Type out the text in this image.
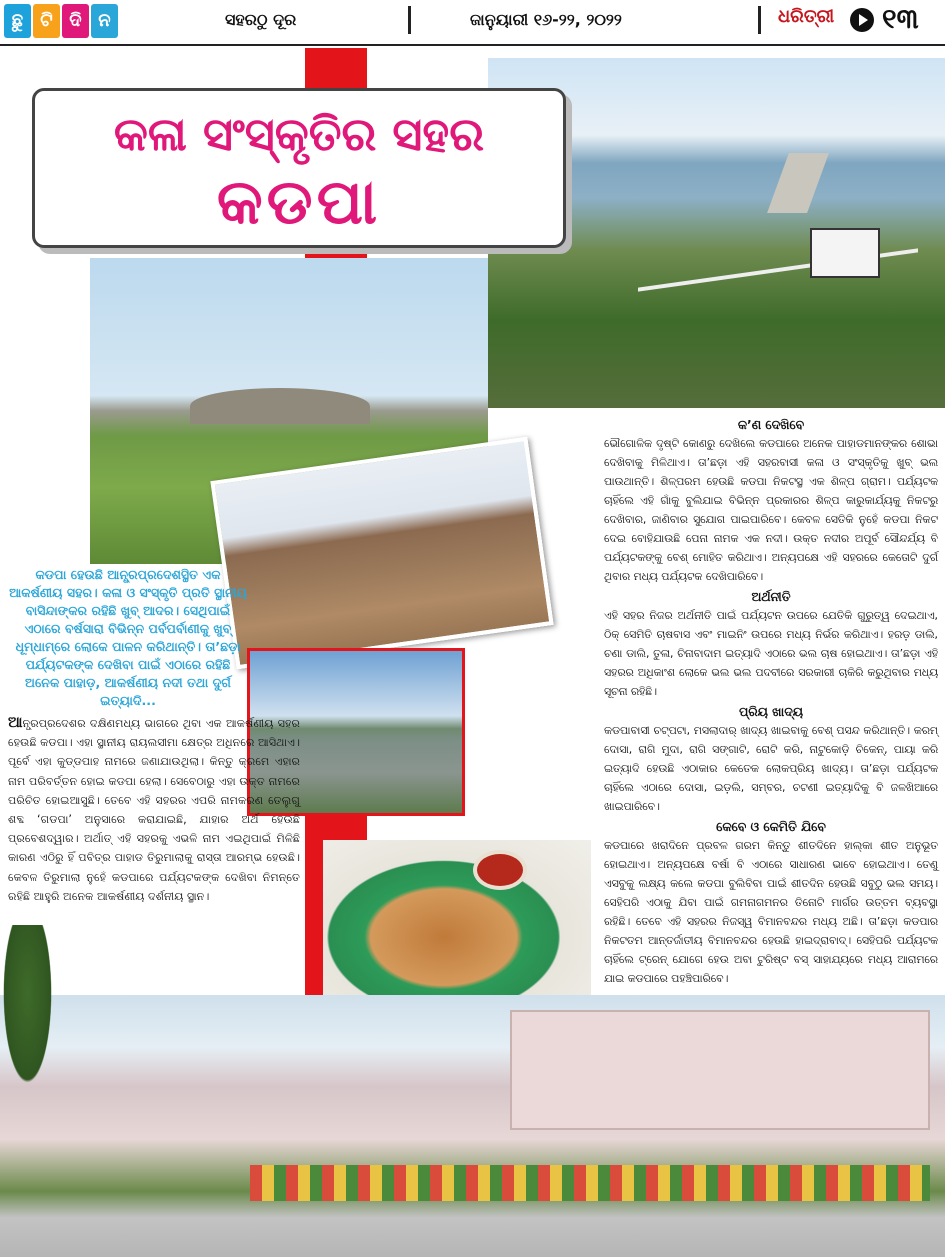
ଛୁ ଟି ଦି ନ	ସହରଠୁ ଦୂର	ଜାନୁୟାରୀ ୧୬-୨୨, ୨୦୨୨	ଧରିତ୍ରୀ ୧୩
କଳା ସଂସ୍କୃତିର ସହର
କଡପା
କଡପା ହେଉଛି ଆନ୍ଧ୍ରପ୍ରଦେଶସ୍ଥିତ ଏକ ଆକର୍ଷଣୀୟ ସହର। କଳା ଓ ସଂସ୍କୃତି ପ୍ରତି ସ୍ଥାନୀୟ ବାସିନ୍ଦାଙ୍କର ରହିଛି ଖୁବ୍ ଆଦର। ସେଥିପାଇଁ ଏଠାରେ ବର୍ଷସାରା ବିଭିନ୍ନ ପର୍ବପର୍ବାଣୀକୁ ଖୁବ୍ ଧୂମ୍‌ଧାମ୍‌ରେ ଲୋକେ ପାଳନ କରିଥାନ୍ତି। ତା’ଛଡ଼ା ପର୍ଯ୍ୟଟକଙ୍କ ଦେଖିବା ପାଇଁ ଏଠାରେ ରହିଛି ଅନେକ ପାହାଡ଼, ଆକର୍ଷଣୀୟ ନଦୀ ତଥା ଦୁର୍ଗ ଇତ୍ୟାଦି...
ଆନ୍ଧ୍ରପ୍ରଦେଶର ଦକ୍ଷିଣମଧ୍ୟ ଭାଗରେ ଥିବା ଏକ ଆକର୍ଷଣୀୟ ସହର ହେଉଛି କଡପା। ଏହା ସ୍ଥାନୀୟ ରାୟଲସୀମା କ୍ଷେତ୍ର ଅଧିନରେ ଆସିଥାଏ। ପୂର୍ବେ ଏହା କୁଡ୍ଡପାହ ନାମରେ ଜଣାଯାଉଥିଲା। କିନ୍ତୁ କ୍ରମେ ଏହାର ନାମ ପରିବର୍ତ୍ତନ ହୋଇ କଡପା ହେଲା। ସେବେଠାରୁ ଏହା ଉକ୍ତ ନାମରେ ପରିଚିତ ହୋଇଆସୁଛି। ତେବେ ଏହି ସହରର ଏପରି ନାମକରଣ ତେଲୁଗୁ ଶବ୍ଦ ‘ଗଡପା’ ଅନୁସାରେ କରାଯାଇଛି, ଯାହାର ଅର୍ଥ ହେଉଛି ପ୍ରବେଶଦ୍ୱାର। ଅର୍ଥାତ୍ ଏହି ସହରକୁ ଏଭଳି ନାମ ଏଇଥିପାଇଁ ମିଳିଛି କାରଣ ଏଠିରୁ ହିଁ ପବିତ୍ର ପାହାଡ ତିରୁମାଲାକୁ ରାସ୍ତା ଆରମ୍ଭ ହେଉଛି। କେବଳ ତିରୁମାଲା ନୁହେଁ କଡପାରେ ପର୍ଯ୍ୟଟକଙ୍କ ଦେଖିବା ନିମନ୍ତେ ରହିଛି ଆହୁରି ଅନେକ ଆକର୍ଷଣୀୟ ଦର୍ଶନୀୟ ସ୍ଥାନ।
କ’ଣ ଦେଖିବେ
ଭୌଗୋଳିକ ଦୃଷ୍ଟି କୋଣରୁ ଦେଖିଲେ କଡପାରେ ଅନେକ ପାହାଡମାନଙ୍କର ଶୋଭା ଦେଖିବାକୁ ମିଳିଥାଏ। ତା’ଛଡ଼ା ଏହି ସହରବାସୀ କଳା ଓ ସଂସ୍କୃତିକୁ ଖୁବ୍ ଭଲ ପାଉଥାନ୍ତି। ଶିଳ୍ପରମ ହେଉଛି କଡପା ନିକଟସ୍ଥ ଏକ ଶିଳ୍ପ ଗ୍ରାମ। ପର୍ଯ୍ୟଟକ ଚାହିଁଲେ ଏହି ଗାଁକୁ ବୁଲିଯାଇ ବିଭିନ୍ନ ପ୍ରକାରର ଶିଳ୍ପ କାରୁକାର୍ଯ୍ୟକୁ ନିକଟରୁ ଦେଖିବାର, ଜାଣିବାର ସୁଯୋଗ ପାଇପାରିବେ। କେବଳ ସେତିକି ନୁହେଁ କଡପା ନିକଟ ଦେଇ ବୋହିଯାଉଛି ପେନା ନାମକ ଏକ ନଦୀ। ଉକ୍ତ ନଦୀର ଅପୂର୍ବ ସୌନ୍ଦର୍ଯ୍ୟ ବି ପର୍ଯ୍ୟଟକଙ୍କୁ ବେଶ୍ ମୋହିତ କରିଥାଏ। ଅନ୍ୟପକ୍ଷେ ଏହି ସହରରେ କେତୋଟି ଦୁର୍ଗ ଥିବାର ମଧ୍ୟ ପର୍ଯ୍ୟଟକ ଦେଖିପାରିବେ।
ଅର୍ଥନୀତି
ଏହି ସହର ନିଜର ଅର୍ଥନୀତି ପାଇଁ ପର୍ଯ୍ୟଟନ ଉପରେ ଯେତିକି ଗୁରୁତ୍ୱ ଦେଇଥାଏ, ଠିକ୍ ସେମିତି ଚାଷବାସ ଏବଂ ମାଇନିଂ ଉପରେ ମଧ୍ୟ ନିର୍ଭର କରିଥାଏ। ହରଡ଼ ଡାଲି, ଚଣା ଡାଲି, ତୁଳା, ଚିନାବାଦାମ ଇତ୍ୟାଦି ଏଠାରେ ଭଲ ଚାଷ ହୋଇଥାଏ। ତା’ଛଡ଼ା ଏହି ସହରର ଅଧିକାଂଶ ଲୋକେ ଭଲ ଭଲ ପଦବୀରେ ସରକାରୀ ଚାକିରି କରୁଥିବାର ମଧ୍ୟ ସୂଚନା ରହିଛି।
ପ୍ରିୟ ଖାଦ୍ୟ
କଡପାବାସୀ ଚଟ୍‌ପଟା, ମସଲାଦାର୍ ଖାଦ୍ୟ ଖାଇବାକୁ ବେଶ୍ ପସନ୍ଦ କରିଥାନ୍ତି। କରମ୍ ଦୋସା, ରାଗି ମୁଦା, ରାଗି ସଙ୍ଗାଟି, ରୋଟି କରି, ନାଟୁକୋଡ଼ି ଚିକେନ୍, ପାୟା କରି ଇତ୍ୟାଦି ହେଉଛି ଏଠାକାର କେତେକ ଲୋକପ୍ରିୟ ଖାଦ୍ୟ। ତା’ଛଡ଼ା ପର୍ଯ୍ୟଟକ ଚାହିଁଲେ ଏଠାରେ ଦୋସା, ଇଡ଼ଲି, ସମ୍ବର, ଚଟଣୀ ଇତ୍ୟାଦିକୁ ବି ଜଳଖିଆରେ ଖାଇପାରିବେ।
କେବେ ଓ କେମିତି ଯିବେ
କଡପାରେ ଖରାଦିନେ ପ୍ରବଳ ଗରମ କିନ୍ତୁ ଶୀତଦିନେ ହାଲ୍‌କା ଶୀତ ଅନୁଭୂତ ହୋଇଥାଏ। ଅନ୍ୟପକ୍ଷେ ବର୍ଷା ବି ଏଠାରେ ସାଧାରଣ ଭାବେ ହୋଇଥାଏ। ତେଣୁ ଏସବୁକୁ ଲକ୍ଷ୍ୟ କଲେ କଡପା ବୁଲିବିବା ପାଇଁ ଶୀତଦିନ ହେଉଛି ସବୁଠୁ ଭଲ ସମୟ। ସେହିପରି ଏଠାକୁ ଯିବା ପାଇଁ ଗମନାଗମନର ତିନୋଟି ମାର୍ଗର ଉତ୍ତମ ବ୍ୟବସ୍ଥା ରହିଛି। ତେବେ ଏହି ସହରର ନିଜସ୍ୱ ବିମାନବନ୍ଦର ମଧ୍ୟ ଅଛି। ତା’ଛଡ଼ା କଡପାର ନିକଟତମ ଆନ୍ତର୍ଜାତୀୟ ବିମାନବନ୍ଦର ହେଉଛି ହାଇଦ୍ରାବାଦ୍। ସେହିପରି ପର୍ଯ୍ୟଟକ ଚାହିଁଲେ ଟ୍ରେନ୍ ଯୋଗେ ହେଉ ଅବା ଟୁରିଷ୍ଟ ବସ୍ ସାହାଯ୍ୟରେ ମଧ୍ୟ ଆରାମରେ ଯାଇ କଡପାରେ ପହଞ୍ଚିପାରିବେ।
